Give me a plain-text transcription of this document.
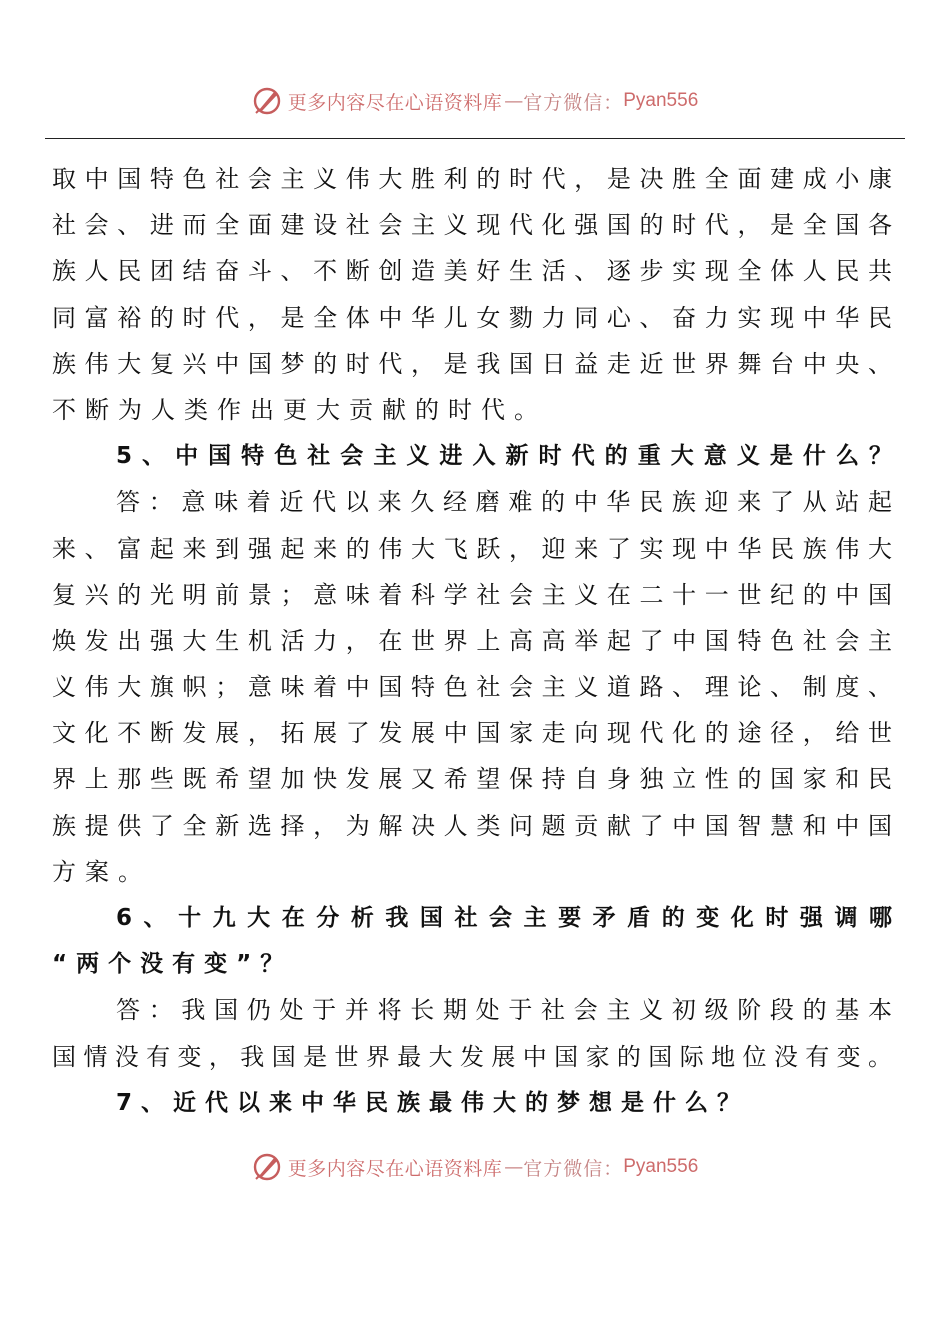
更多内容尽在心语资料库 — 官方微信： Pyan556
取中国特色社会主义伟大胜利的时代，是决胜全面建成小康
社会、进而全面建设社会主义现代化强国的时代，是全国各
族人民团结奋斗、不断创造美好生活、逐步实现全体人民共
同富裕的时代，是全体中华儿女勠力同心、奋力实现中华民
族伟大复兴中国梦的时代，是我国日益走近世界舞台中央、
不断为人类作出更大贡献的时代。
5、中国特色社会主义进入新时代的重大意义是什么？
答：意味着近代以来久经磨难的中华民族迎来了从站起
来、富起来到强起来的伟大飞跃，迎来了实现中华民族伟大
复兴的光明前景；意味着科学社会主义在二十一世纪的中国
焕发出强大生机活力，在世界上高高举起了中国特色社会主
义伟大旗帜；意味着中国特色社会主义道路、理论、制度、
文化不断发展，拓展了发展中国家走向现代化的途径，给世
界上那些既希望加快发展又希望保持自身独立性的国家和民
族提供了全新选择，为解决人类问题贡献了中国智慧和中国
方案。
6、十九大在分析我国社会主要矛盾的变化时强调哪
“两个没有变”？
答：我国仍处于并将长期处于社会主义初级阶段的基本
国情没有变，我国是世界最大发展中国家的国际地位没有变。
7、近代以来中华民族最伟大的梦想是什么？
更多内容尽在心语资料库 — 官方微信： Pyan556
